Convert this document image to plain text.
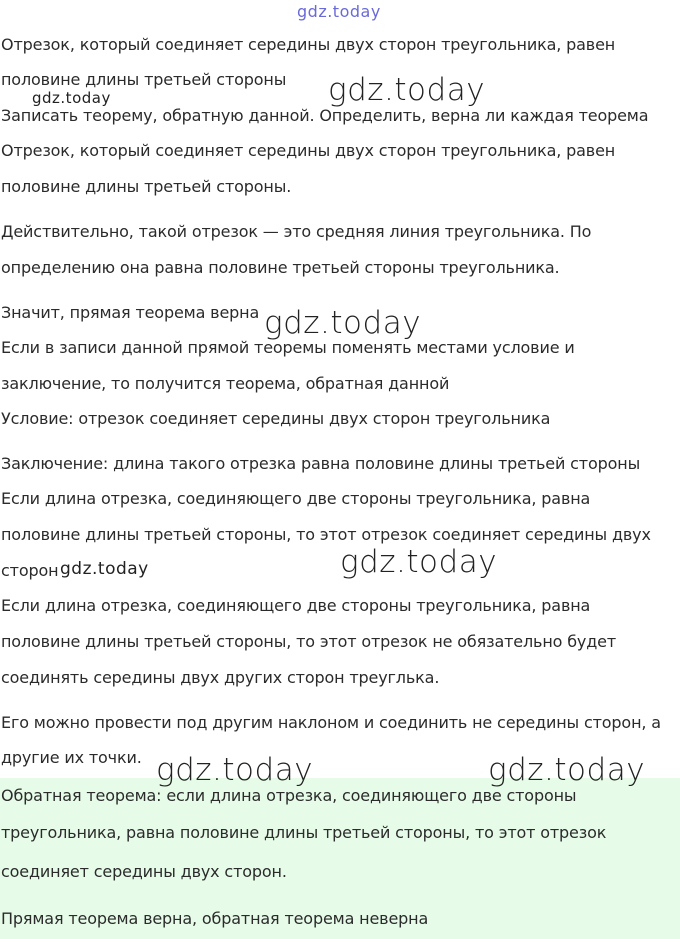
Отрезок, который соединяет середины двух сторон треугольника, равен
половине длины третьей стороны
Записать теорему, обратную данной. Определить, верна ли каждая теорема
Отрезок, который соединяет середины двух сторон треугольника, равен
половине длины третьей стороны.
Действительно, такой отрезок — это средняя линия треугольника. По
определению она равна половине третьей стороны треугольника.
Значит, прямая теорема верна
Если в записи данной прямой теоремы поменять местами условие и
заключение, то получится теорема, обратная данной
Условие: отрезок соединяет середины двух сторон треугольника
Заключение: длина такого отрезка равна половине длины третьей стороны
Если длина отрезка, соединяющего две стороны треугольника, равна
половине длины третьей стороны, то этот отрезок соединяет середины двух
сторон
Если длина отрезка, соединяющего две стороны треугольника, равна
половине длины третьей стороны, то этот отрезок не обязательно будет
соединять середины двух других сторон треуглька.
Его можно провести под другим наклоном и соединить не середины сторон, а
другие их точки.
Обратная теорема: если длина отрезка, соединяющего две стороны
треугольника, равна половине длины третьей стороны, то этот отрезок
соединяет середины двух сторон.
Прямая теорема верна, обратная теорема неверна
gdz.today
gdz.today
gdz.today
gdz.today
gdz.today	gdz.today
gdz.today	gdz.today
